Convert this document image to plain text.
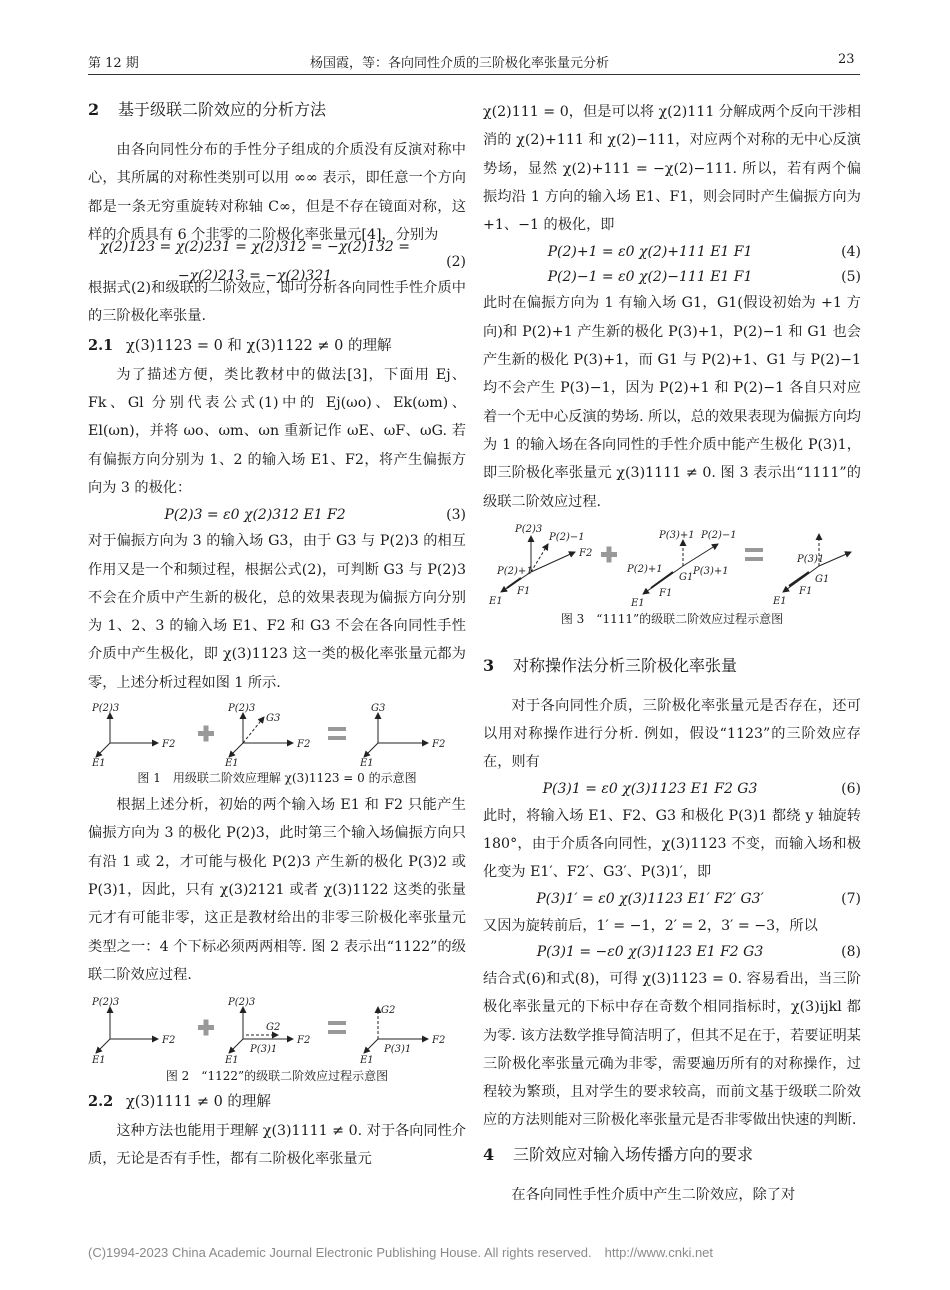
第 12 期	杨国霞，等：各向同性介质的三阶极化率张量元分析	23
2 基于级联二阶效应的分析方法

由各向同性分布的手性分子组成的介质没有反演对称中心，其所属的对称性类别可以用 ∞∞ 表示，即任意一个方向都是一条无穷重旋转对称轴 C∞，但是不存在镜面对称，这样的介质具有 6 个非零的二阶极化率张量元[4]，分别为

χ(2)123 = χ(2)231 = χ(2)312 = −χ(2)132 = −χ(2)213 = −χ(2)321
(2)

根据式(2)和级联的二阶效应，即可分析各向同性手性介质中的三阶极化率张量.

2.1 χ(3)1123 = 0 和 χ(3)1122 ≠ 0 的理解

为了描述方便，类比教材中的做法[3]，下面用 Ej、Fk、Gl 分别代表公式(1)中的 Ej(ωo)、Ek(ωm)、El(ωn)，并将 ωo、ωm、ωn 重新记作 ωE、ωF、ωG. 若有偏振方向分别为 1、2 的输入场 E1、F2，将产生偏振方向为 3 的极化：

P(2)3 = ε0 χ(2)312 E1 F2	(3)

对于偏振方向为 3 的输入场 G3，由于 G3 与 P(2)3 的相互作用又是一个和频过程，根据公式(2)，可判断 G3 与 P(2)3 不会在介质中产生新的极化，总的效果表现为偏振方向分别为 1、2、3 的输入场 E1、F2 和 G3 不会在各向同性手性介质中产生极化，即 χ(3)1123 这一类的极化率张量元都为零，上述分析过程如图 1 所示.

P(2)3
F2
E1
P(2)3
G3
F2
E1
G3
F2
E1
图 1　用级联二阶效应理解 χ(3)1123 = 0 的示意图

根据上述分析，初始的两个输入场 E1 和 F2 只能产生偏振方向为 3 的极化 P(2)3，此时第三个输入场偏振方向只有沿 1 或 2，才可能与极化 P(2)3 产生新的极化 P(3)2 或 P(3)1，因此，只有 χ(3)2121 或者 χ(3)1122 这类的张量元才有可能非零，这正是教材给出的非零三阶极化率张量元类型之一：4 个下标必须两两相等. 图 2 表示出“1122”的级联二阶效应过程.

P(2)3
F2
E1
P(2)3
G2
P(3)1
F2
E1
G2
F2
P(3)1
E1
图 2　“1122”的级联二阶效应过程示意图
2.2 χ(3)1111 ≠ 0 的理解

这种方法也能用于理解 χ(3)1111 ≠ 0. 对于各向同性介质，无论是否有手性，都有二阶极化率张量元

χ(2)111 = 0，但是可以将 χ(2)111 分解成两个反向干涉相消的 χ(2)+111 和 χ(2)−111，对应两个对称的无中心反演势场，显然 χ(2)+111 = −χ(2)−111. 所以，若有两个偏振均沿 1 方向的输入场 E1、F1，则会同时产生偏振方向为 +1、−1 的极化，即

P(2)+1 = ε0 χ(2)+111 E1 F1	(4)
P(2)−1 = ε0 χ(2)−111 E1 F1	(5)

此时在偏振方向为 1 有输入场 G1，G1(假设初始为 +1 方向)和 P(2)+1 产生新的极化 P(3)+1，P(2)−1 和 G1 也会产生新的极化 P(3)+1，而 G1 与 P(2)+1、G1 与 P(2)−1 均不会产生 P(3)−1，因为 P(2)+1 和 P(2)−1 各自只对应着一个无中心反演的势场. 所以，总的效果表现为偏振方向均为 1 的输入场在各向同性的手性介质中能产生极化 P(3)1，即三阶极化率张量元 χ(3)1111 ≠ 0. 图 3 表示出“1111”的级联二阶效应过程.

P(2)3
P(2)−1
F2
P(2)+1
F1
E1
P(2)−1
P(3)+1
P(2)+1
G1
P(3)+1
F1
E1
P(3)1
G1
F1
E1
图 3　“1111”的级联二阶效应过程示意图
3 对称操作法分析三阶极化率张量

对于各向同性介质，三阶极化率张量元是否存在，还可以用对称操作进行分析. 例如，假设“1123”的三阶效应存在，则有

P(3)1 = ε0 χ(3)1123 E1 F2 G3	(6)

此时，将输入场 E1、F2、G3 和极化 P(3)1 都绕 y 轴旋转 180°，由于介质各向同性，χ(3)1123 不变，而输入场和极化变为 E1′、F2′、G3′、P(3)1′，即

P(3)1′ = ε0 χ(3)1123 E1′ F2′ G3′	(7)

又因为旋转前后，1′ = −1，2′ = 2，3′ = −3，所以

P(3)1 = −ε0 χ(3)1123 E1 F2 G3	(8)

结合式(6)和式(8)，可得 χ(3)1123 = 0. 容易看出，当三阶极化率张量元的下标中存在奇数个相同指标时，χ(3)ijkl 都为零. 该方法数学推导简洁明了，但其不足在于，若要证明某三阶极化率张量元确为非零，需要遍历所有的对称操作，过程较为繁琐，且对学生的要求较高，而前文基于级联二阶效应的方法则能对三阶极化率张量元是否非零做出快速的判断.

4 三阶效应对输入场传播方向的要求

在各向同性手性介质中产生二阶效应，除了对

(C)1994-2023 China Academic Journal Electronic Publishing House. All rights reserved.　http://www.cnki.net
